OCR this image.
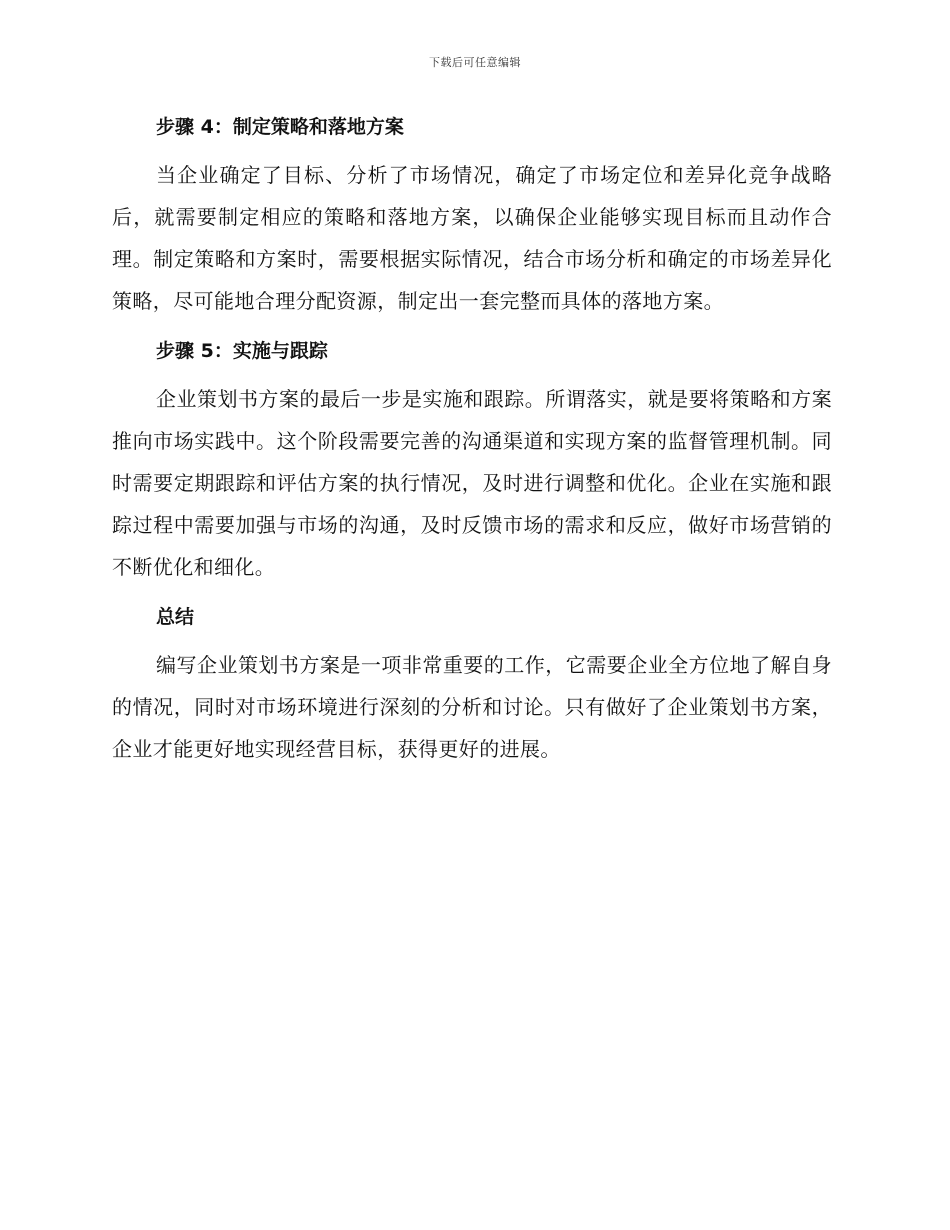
下载后可任意编辑
步骤 4：制定策略和落地方案

当企业确定了目标、分析了市场情况，确定了市场定位和差异化竞争战略后，就需要制定相应的策略和落地方案，以确保企业能够实现目标而且动作合理。制定策略和方案时，需要根据实际情况，结合市场分析和确定的市场差异化策略，尽可能地合理分配资源，制定出一套完整而具体的落地方案。

步骤 5：实施与跟踪

企业策划书方案的最后一步是实施和跟踪。所谓落实，就是要将策略和方案推向市场实践中。这个阶段需要完善的沟通渠道和实现方案的监督管理机制。同时需要定期跟踪和评估方案的执行情况，及时进行调整和优化。企业在实施和跟踪过程中需要加强与市场的沟通，及时反馈市场的需求和反应，做好市场营销的不断优化和细化。

总结

编写企业策划书方案是一项非常重要的工作，它需要企业全方位地了解自身的情况，同时对市场环境进行深刻的分析和讨论。只有做好了企业策划书方案，企业才能更好地实现经营目标，获得更好的进展。
